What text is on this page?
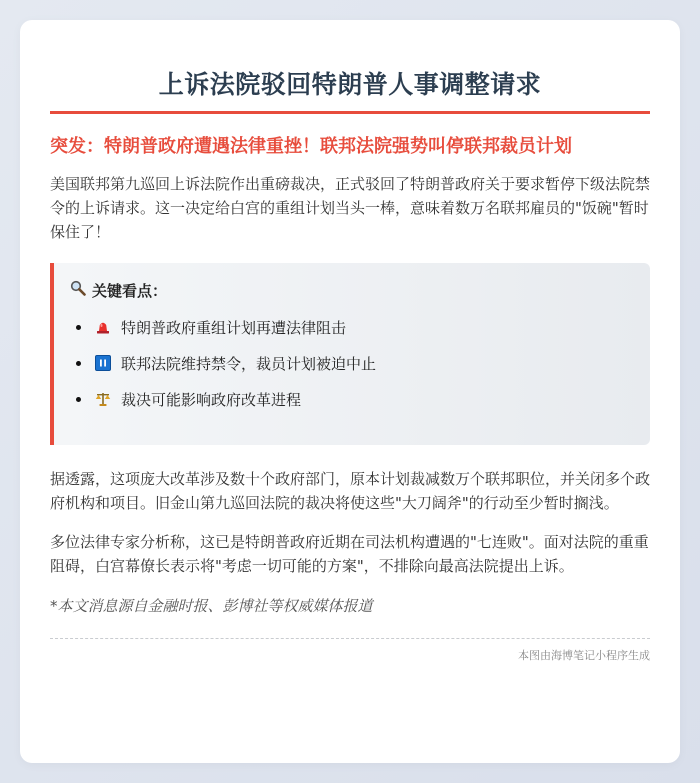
上诉法院驳回特朗普人事调整请求
突发：特朗普政府遭遇法律重挫！联邦法院强势叫停联邦裁员计划

美国联邦第九巡回上诉法院作出重磅裁决，正式驳回了特朗普政府关于要求暂停下级法院禁令的上诉请求。这一决定给白宫的重组计划当头一棒，意味着数万名联邦雇员的"饭碗"暂时保住了！

关键看点：
特朗普政府重组计划再遭法律阻击
联邦法院维持禁令，裁员计划被迫中止
裁决可能影响政府改革进程

据透露，这项庞大改革涉及数十个政府部门，原本计划裁减数万个联邦职位，并关闭多个政府机构和项目。旧金山第九巡回法院的裁决将使这些"大刀阔斧"的行动至少暂时搁浅。

多位法律专家分析称，这已是特朗普政府近期在司法机构遭遇的"七连败"。面对法院的重重阻碍，白宫幕僚长表示将"考虑一切可能的方案"，不排除向最高法院提出上诉。

*本文消息源自金融时报、彭博社等权威媒体报道

本图由海博笔记小程序生成
